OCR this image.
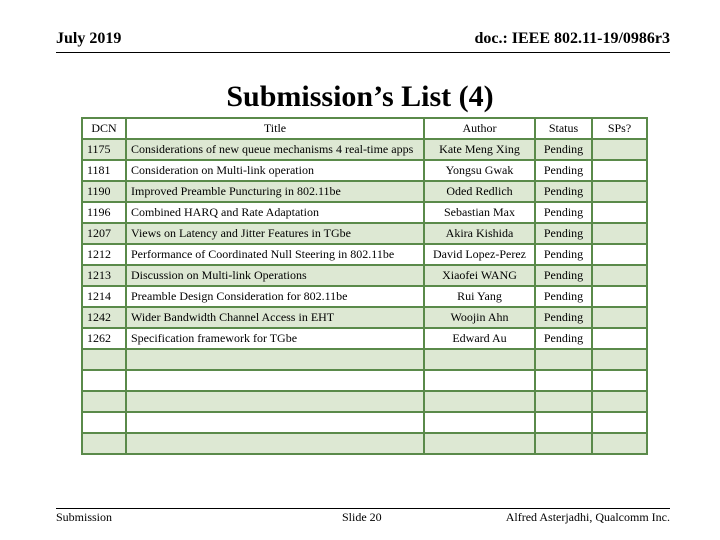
July 2019	doc.: IEEE 802.11-19/0986r3
Submission’s List (4)
DCN	Title	Author	Status	SPs?
1175	Considerations of new queue mechanisms 4 real-time apps	Kate Meng Xing	Pending	
1181	Consideration on Multi-link operation	Yongsu Gwak	Pending	
1190	Improved Preamble Puncturing in 802.11be	Oded Redlich	Pending	
1196	Combined HARQ and Rate Adaptation	Sebastian Max	Pending	
1207	Views on Latency and Jitter Features in TGbe	Akira Kishida	Pending	
1212	Performance of Coordinated Null Steering in 802.11be	David Lopez-Perez	Pending	
1213	Discussion on Multi-link Operations	Xiaofei WANG	Pending	
1214	Preamble Design Consideration for 802.11be	Rui Yang	Pending	
1242	Wider Bandwidth Channel Access in EHT	Woojin Ahn	Pending	
1262	Specification framework for TGbe	Edward Au	Pending	

Submission	Slide 20	Alfred Asterjadhi, Qualcomm Inc.
